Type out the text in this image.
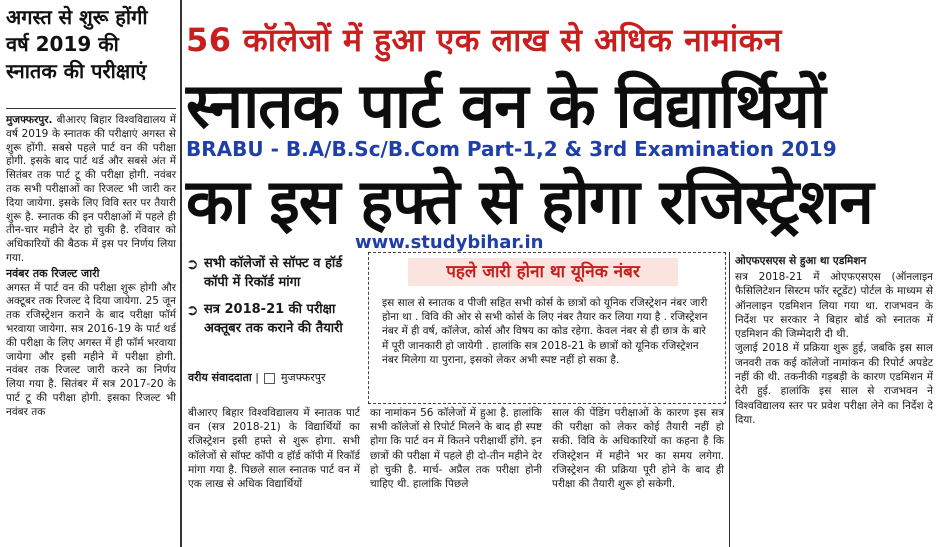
अगस्त से शुरू होंगी वर्ष 2019 की स्नातक की परीक्षाएं

मुजफ्फरपुर. बीआरए बिहार विश्वविद्यालय में वर्ष 2019 के स्नातक की परीक्षाएं अगस्त से शुरू होंगी. सबसे पहले पार्ट वन की परीक्षा होगी. इसके बाद पार्ट थर्ड और सबसे अंत में सितंबर तक पार्ट टू की परीक्षा होगी. नवंबर तक सभी परीक्षाओं का रिजल्ट भी जारी कर दिया जायेगा. इसके लिए विवि स्तर पर तैयारी शुरू है. स्नातक की इन परीक्षाओं में पहले ही तीन-चार महीने देर हो चुकी है. रविवार को अधिकारियों की बैठक में इस पर निर्णय लिया गया.

नवंबर तक रिजल्ट जारी

अगस्त में पार्ट वन की परीक्षा शुरू होगी और अक्टूबर तक रिजल्ट दे दिया जायेगा. 25 जून तक रजिस्ट्रेशन कराने के बाद परीक्षा फॉर्म भरवाया जायेगा. सत्र 2016-19 के पार्ट थर्ड की परीक्षा के लिए अगस्त में ही फॉर्म भरवाया जायेगा और इसी महीने में परीक्षा होगी. नवंबर तक रिजल्ट जारी करने का निर्णय लिया गया है. सितंबर में सत्र 2017-20 के पार्ट टू की परीक्षा होगी. इसका रिजल्ट भी नवंबर तक

56 कॉलेजों में हुआ एक लाख से अधिक नामांकन
स्नातक पार्ट वन के विद्यार्थियों
BRABU - B.A/B.Sc/B.Com Part-1,2 & 3rd Examination 2019
का इस हफ्ते से होगा रजिस्ट्रेशन
www.studybihar.in
➲ सभी कॉलेजों से सॉफ्ट व हॉर्ड कॉपी में रिकॉर्ड मांगा
➲ सत्र 2018-21 की परीक्षा अक्तूबर तक कराने की तैयारी
वरीय संवाददाता | मुजफ्फरपुर
पहले जारी होना था यूनिक नंबर
इस साल से स्नातक व पीजी सहित सभी कोर्स के छात्रों को यूनिक रजिस्ट्रेशन नंबर जारी होना था . विवि की ओर से सभी कोर्स के लिए नंबर तैयार कर लिया गया है . रजिस्ट्रेशन नंबर में ही वर्ष, कॉलेज, कोर्स और विषय का कोड रहेगा. केवल नंबर से ही छात्र के बारे में पूरी जानकारी हो जायेगी . हालांकि सत्र 2018-21 के छात्रों को यूनिक रजिस्ट्रेशन नंबर मिलेगा या पुराना, इसको लेकर अभी स्पष्ट नहीं हो सका है.
ओएफएसएस से हुआ था एडमिशन

सत्र 2018-21 में ओएफएसएस (ऑनलाइन फैसिलिटेशन सिस्टम फॉर स्टूडेंट) पोर्टल के माध्यम से ऑनलाइन एडमिशन लिया गया था. राजभवन के निर्देश पर सरकार ने बिहार बोर्ड को स्नातक में एडमिशन की जिम्मेदारी दी थी.

जुलाई 2018 में प्रक्रिया शुरू हुई, जबकि इस साल जनवरी तक कई कॉलेजों नामांकन की रिपोर्ट अपडेट नहीं की थी. तकनीकी गड़बड़ी के कारण एडमिशन में देरी हुई. हालांकि इस साल से राजभवन ने विश्वविद्यालय स्तर पर प्रवेश परीक्षा लेने का निर्देश दे दिया.

बीआरए बिहार विश्वविद्यालय में स्नातक पार्ट वन (सत्र 2018-21) के विद्यार्थियों का रजिस्ट्रेशन इसी हफ्ते से शुरू होगा. सभी कॉलेजों से सॉफ्ट कॉपी व हॉर्ड कॉपी में रिकॉर्ड मांगा गया है. पिछले साल स्नातक पार्ट वन में एक लाख से अधिक विद्यार्थियों
का नामांकन 56 कॉलेजों में हुआ है. हालांकि सभी कॉलेजों से रिपोर्ट मिलने के बाद ही स्पष्ट होगा कि पार्ट वन में कितने परीक्षार्थी होंगे. इन छात्रों की परीक्षा में पहले ही दो-तीन महीने देर हो चुकी है. मार्च- अप्रैल तक परीक्षा होनी चाहिए थी. हालांकि पिछले
साल की पेंडिंग परीक्षाओं के कारण इस सत्र की परीक्षा को लेकर कोई तैयारी नहीं हो सकी. विवि के अधिकारियों का कहना है कि रजिस्ट्रेशन में महीने भर का समय लगेगा. रजिस्ट्रेशन की प्रक्रिया पूरी होने के बाद ही परीक्षा की तैयारी शुरू हो सकेगी.
